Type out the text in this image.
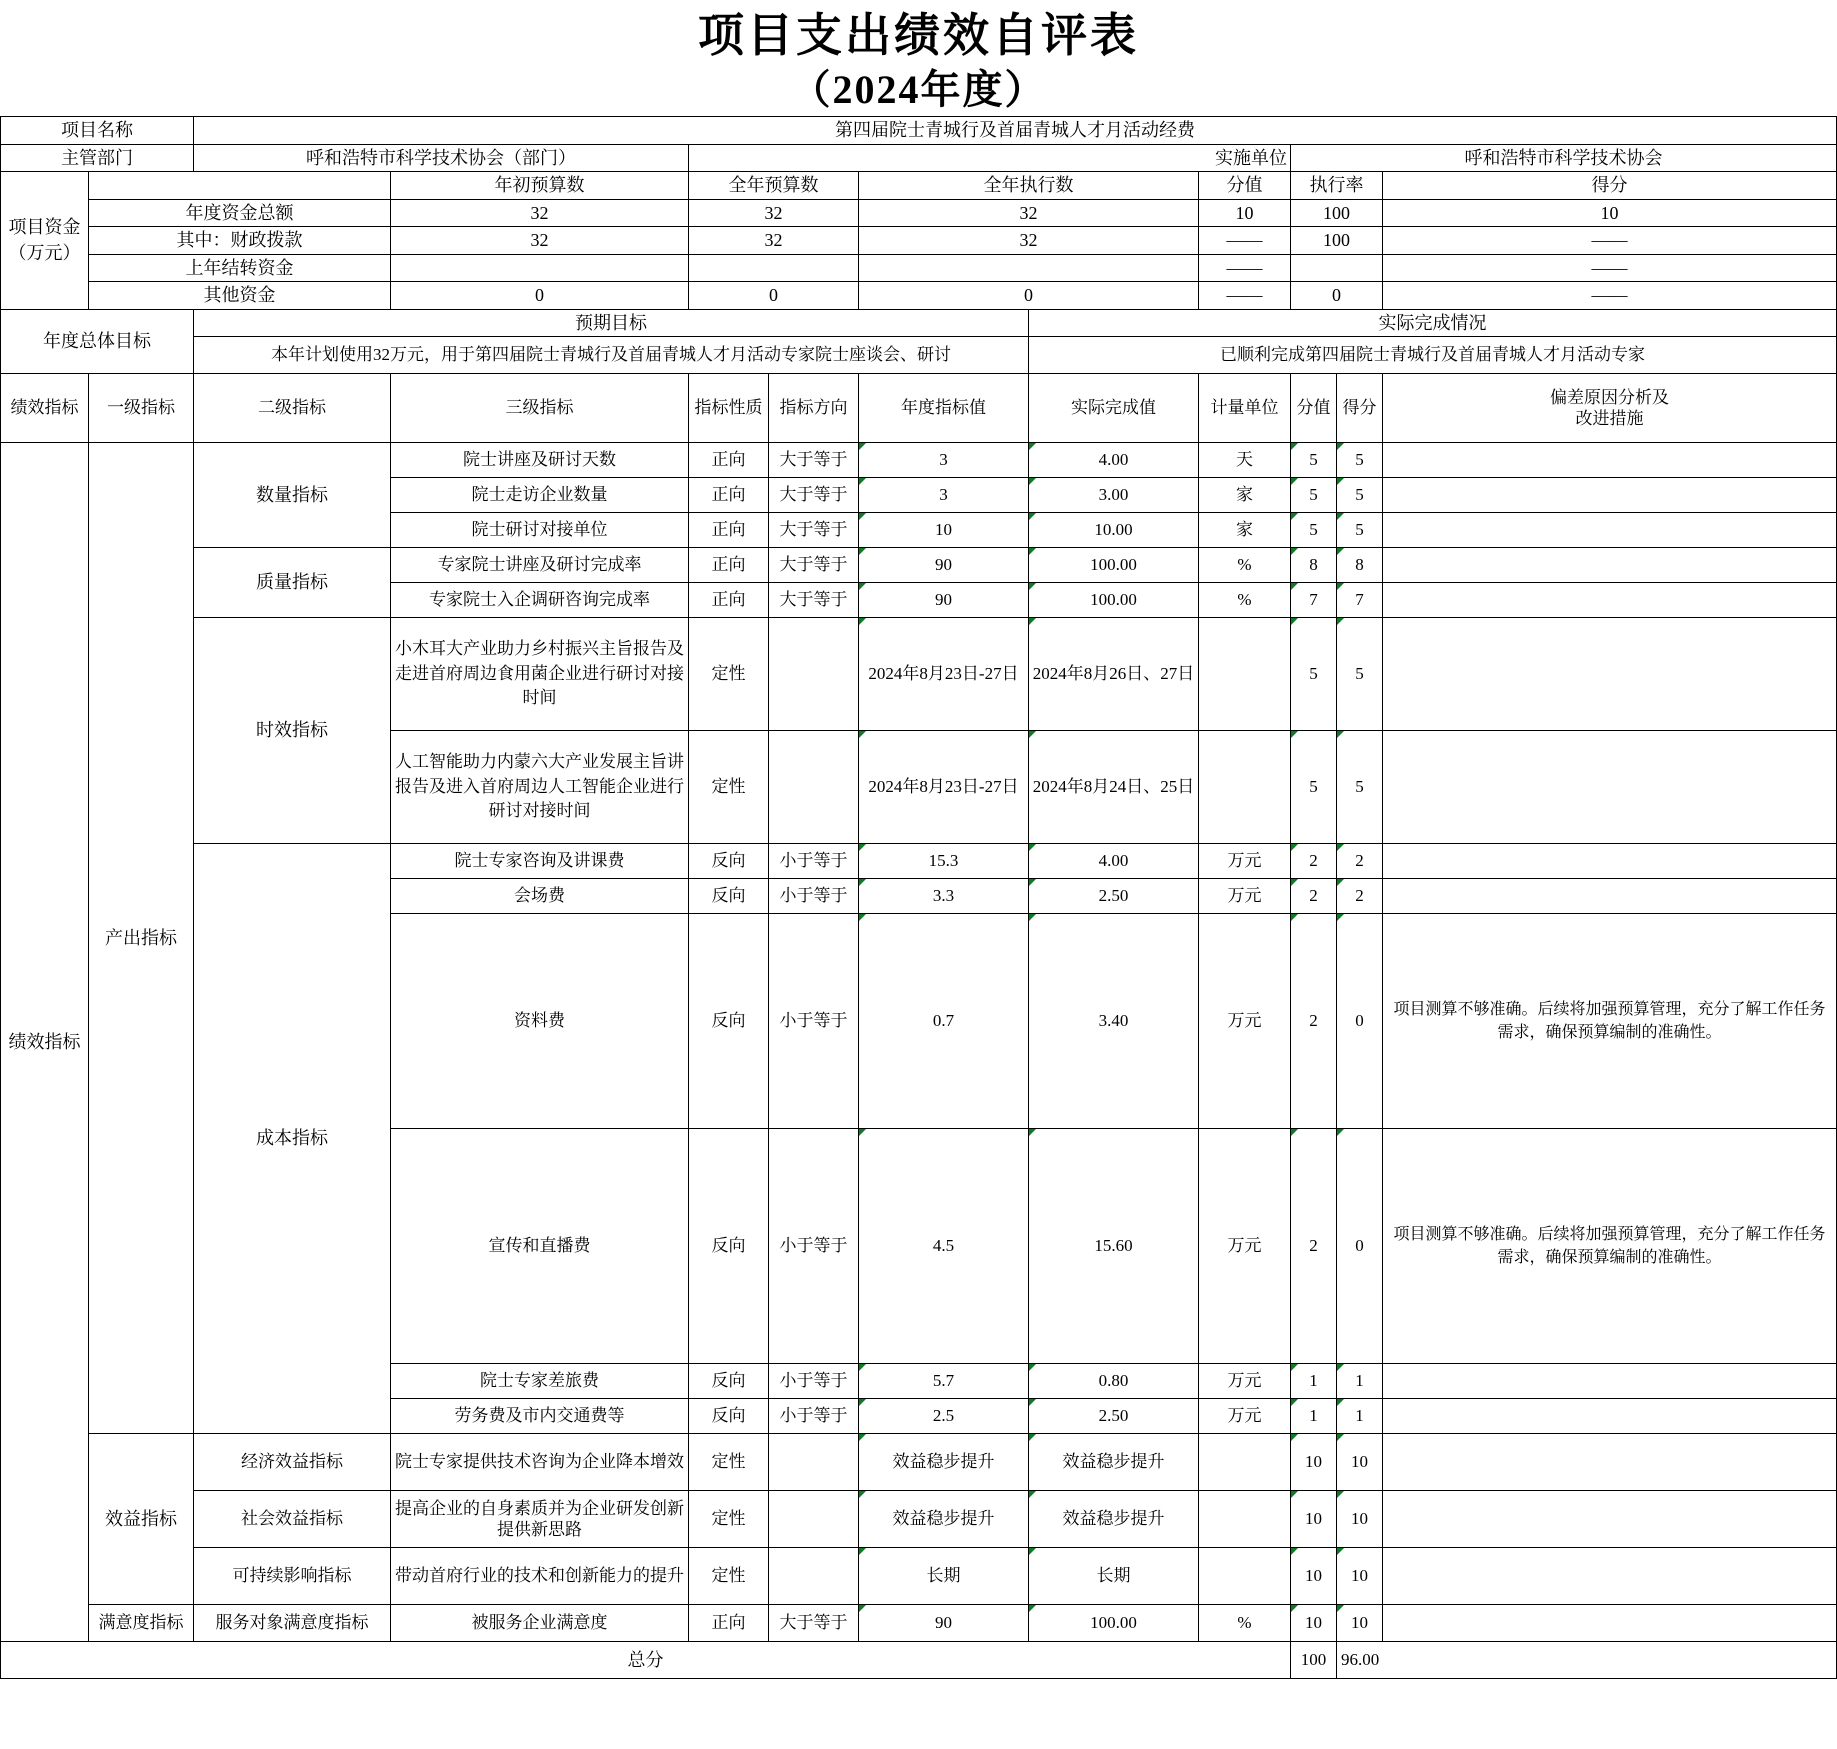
项目支出绩效自评表
（2024年度）
项目名称		第四届院士青城行及首届青城人才月活动经费									
主管部门		呼和浩特市科学技术协会（部门）		实施单位					呼和浩特市科学技术协会		

项目资金
（万元）			年初预算数	全年预算数		全年执行数		分值	执行率		得分
	年度资金总额		32	32		32		10	100		10
	其中：财政拨款		32	32		32		——	100		——
	上年结转资金							——			——
	其他资金		0	0		0		——	0		——
年度总体目标		预期目标					实际完成情况				
		本年计划使用32万元，用于第四届院士青城行及首届青城人才月活动专家院士座谈会、研讨					已顺利完成第四届院士青城行及首届青城人才月活动专家				
绩效指标	一级指标	二级指标	三级指标	指标性质	指标方向	年度指标值	实际完成值	计量单位	分值	得分	偏差原因分析及
改进措施

绩效指标	产出指标	数量指标	院士讲座及研讨天数	正向	大于等于	3	4.00	天	5	5	
			院士走访企业数量	正向	大于等于	3	3.00	家	5	5	
			院士研讨对接单位	正向	大于等于	10	10.00	家	5	5	
		质量指标	专家院士讲座及研讨完成率	正向	大于等于	90	100.00	%	8	8	
			专家院士入企调研咨询完成率	正向	大于等于	90	100.00	%	7	7	
		时效指标	小木耳大产业助力乡村振兴主旨报告及走进首府周边食用菌企业进行研讨对接时间	定性		2024年8月23日-27日	2024年8月26日、27日		5	5	
			人工智能助力内蒙六大产业发展主旨讲报告及进入首府周边人工智能企业进行研讨对接时间	定性		2024年8月23日-27日	2024年8月24日、25日		5	5	
		成本指标	院士专家咨询及讲课费	反向	小于等于	15.3	4.00	万元	2	2	
			会场费	反向	小于等于	3.3	2.50	万元	2	2	
			资料费	反向	小于等于	0.7	3.40	万元	2	0	项目测算不够准确。后续将加强预算管理，充分了解工作任务需求，确保预算编制的准确性。
			宣传和直播费	反向	小于等于	4.5	15.60	万元	2	0	项目测算不够准确。后续将加强预算管理，充分了解工作任务需求，确保预算编制的准确性。
			院士专家差旅费	反向	小于等于	5.7	0.80	万元	1	1	
			劳务费及市内交通费等	反向	小于等于	2.5	2.50	万元	1	1	
	效益指标	经济效益指标	院士专家提供技术咨询为企业降本增效	定性		效益稳步提升	效益稳步提升		10	10	
		社会效益指标	提高企业的自身素质并为企业研发创新提供新思路	定性		效益稳步提升	效益稳步提升		10	10	
		可持续影响指标	带动首府行业的技术和创新能力的提升	定性		长期	长期		10	10	
	满意度指标	服务对象满意度指标	被服务企业满意度	正向	大于等于	90	100.00	%	10	10	
总分									100	96.00	
